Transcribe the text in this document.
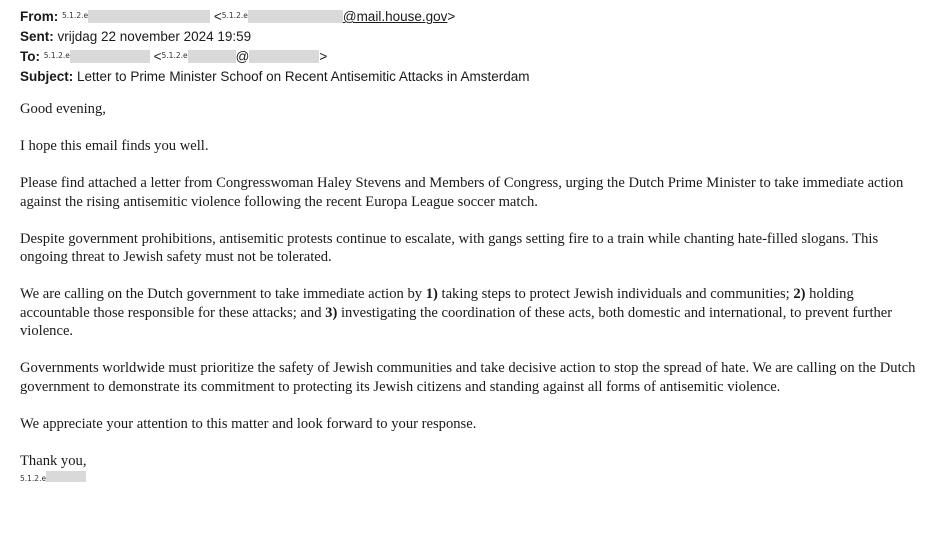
From: $^{5.1.2.e}$	<$^{5.1.2.e}$	@mail.house.gov>
Sent: vrijdag 22 november 2024 19:59
To: $^{5.1.2.e}$	<$^{5.1.2.e}$	@	>
Subject: Letter to Prime Minister Schoof on Recent Antisemitic Attacks in Amsterdam

Good evening,

I hope this email finds you well.

Please find attached a letter from Congresswoman Haley Stevens and Members of Congress, urging the Dutch Prime Minister to take immediate action against the rising antisemitic violence following the recent Europa League soccer match.

Despite government prohibitions, antisemitic protests continue to escalate, with gangs setting fire to a train while chanting hate-filled slogans. This ongoing threat to Jewish safety must not be tolerated.

We are calling on the Dutch government to take immediate action by 1) taking steps to protect Jewish individuals and communities; 2) holding accountable those responsible for these attacks; and 3) investigating the coordination of these acts, both domestic and international, to prevent further violence.

Governments worldwide must prioritize the safety of Jewish communities and take decisive action to stop the spread of hate. We are calling on the Dutch government to demonstrate its commitment to protecting its Jewish citizens and standing against all forms of antisemitic violence.

We appreciate your attention to this matter and look forward to your response.

Thank you,
5.1.2.e
